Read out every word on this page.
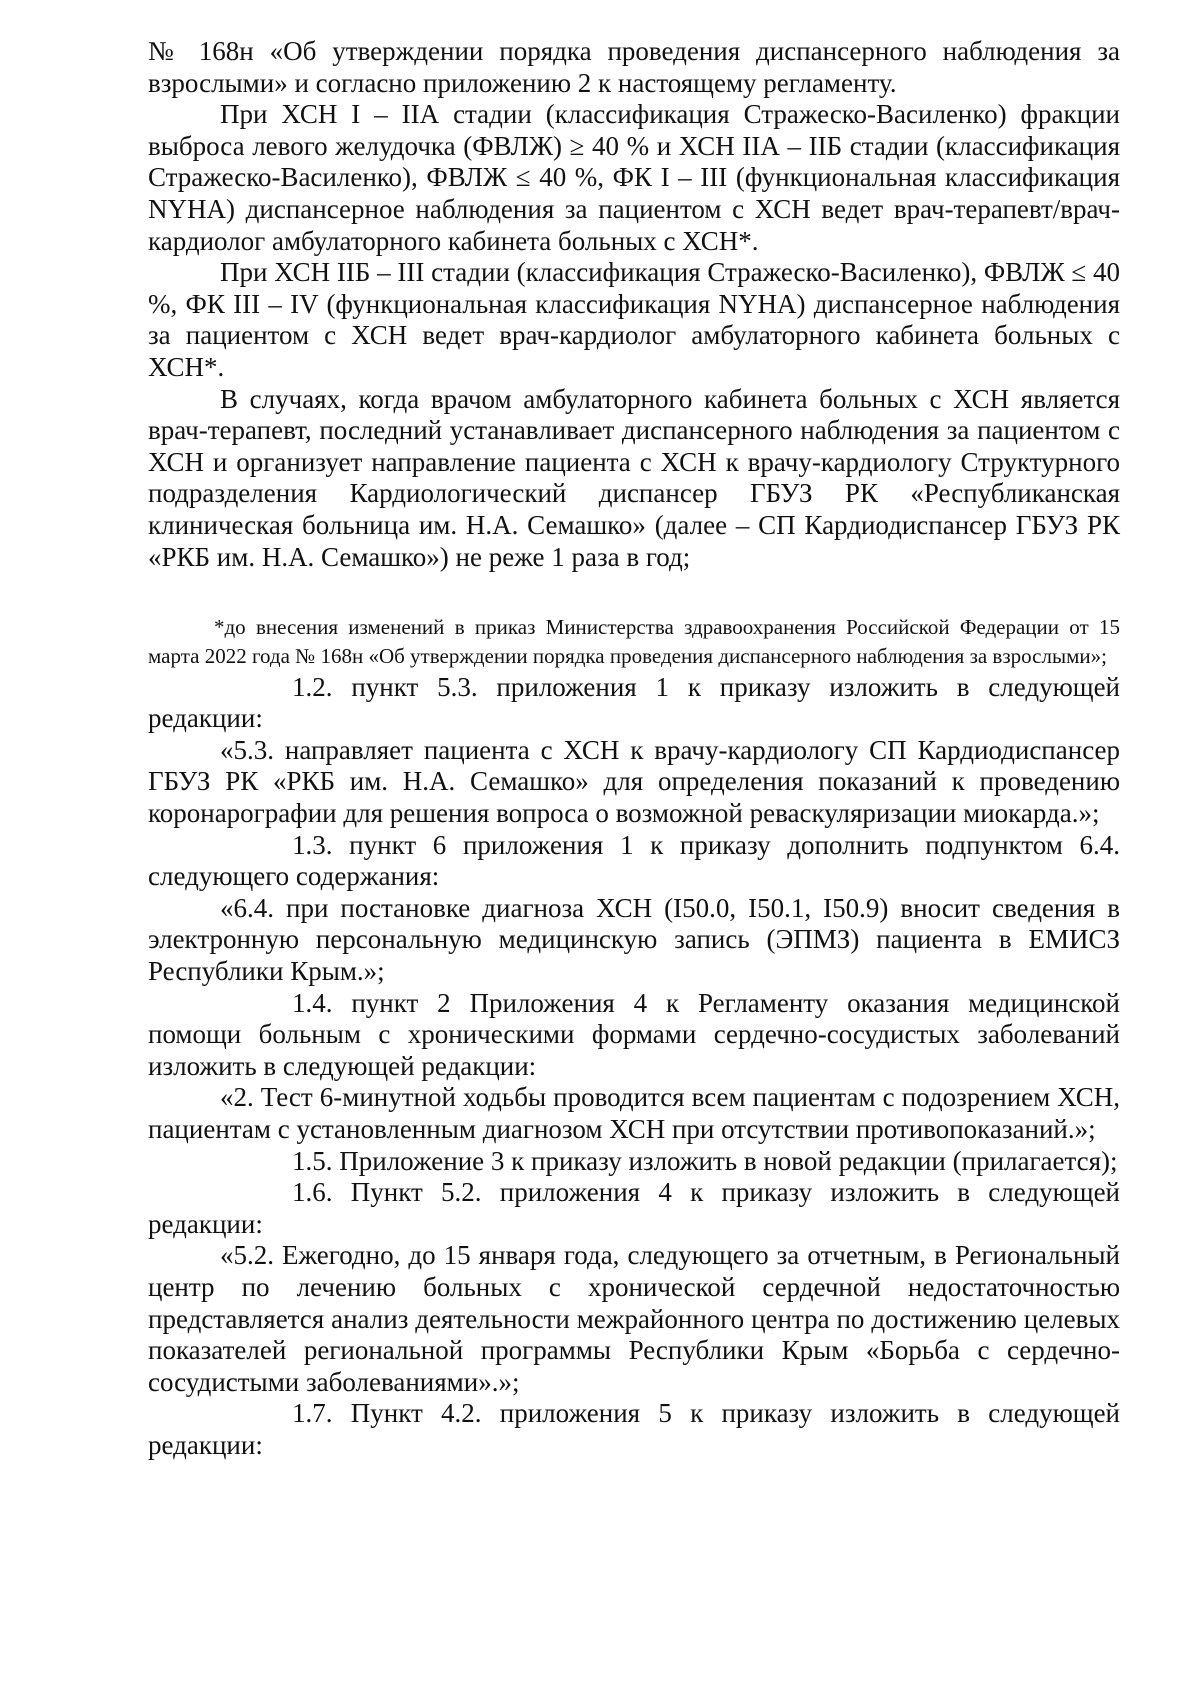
№ 168н «Об утверждении порядка проведения диспансерного наблюдения за взрослыми» и согласно приложению 2 к настоящему регламенту.

При ХСН I – IIА стадии (классификация Стражеско-Василенко) фракции выброса левого желудочка (ФВЛЖ) ≥ 40 % и ХСН IIА – IIБ стадии (классификация Стражеско-Василенко), ФВЛЖ ≤ 40 %, ФК I – III (функциональная классификация NYHA) диспансерное наблюдения за пациентом с ХСН ведет врач-терапевт/врач-кардиолог амбулаторного кабинета больных с ХСН*.

При ХСН IIБ – III стадии (классификация Стражеско-Василенко), ФВЛЖ ≤ 40 %, ФК III – IV (функциональная классификация NYHA) диспансерное наблюдения за пациентом с ХСН ведет врач-кардиолог амбулаторного кабинета больных с ХСН*.

В случаях, когда врачом амбулаторного кабинета больных с ХСН является врач-терапевт, последний устанавливает диспансерного наблюдения за пациентом с ХСН и организует направление пациента с ХСН к врачу-кардиологу Структурного подразделения Кардиологический диспансер ГБУЗ РК «Республиканская клиническая больница им. Н.А. Семашко» (далее – СП Кардиодиспансер ГБУЗ РК «РКБ им. Н.А. Семашко») не реже 1 раза в год;

*до внесения изменений в приказ Министерства здравоохранения Российской Федерации от 15 марта 2022 года № 168н «Об утверждении порядка проведения диспансерного наблюдения за взрослыми»;

1.2. пункт 5.3. приложения 1 к приказу изложить в следующей редакции:

«5.3. направляет пациента с ХСН к врачу-кардиологу СП Кардиодиспансер ГБУЗ РК «РКБ им. Н.А. Семашко» для определения показаний к проведению коронарографии для решения вопроса о возможной реваскуляризации миокарда.»;

1.3. пункт 6 приложения 1 к приказу дополнить подпунктом 6.4. следующего содержания:

«6.4. при постановке диагноза ХСН (I50.0, I50.1, I50.9) вносит сведения в электронную персональную медицинскую запись (ЭПМЗ) пациента в ЕМИСЗ Республики Крым.»;

1.4. пункт 2 Приложения 4 к Регламенту оказания медицинской помощи больным с хроническими формами сердечно-сосудистых заболеваний изложить в следующей редакции:

«2. Тест 6-минутной ходьбы проводится всем пациентам с подозрением ХСН, пациентам с установленным диагнозом ХСН при отсутствии противопоказаний.»;

1.5. Приложение 3 к приказу изложить в новой редакции (прилагается);

1.6. Пункт 5.2. приложения 4 к приказу изложить в следующей редакции:

«5.2. Ежегодно, до 15 января года, следующего за отчетным, в Региональный центр по лечению больных с хронической сердечной недостаточностью представляется анализ деятельности межрайонного центра по достижению целевых показателей региональной программы Республики Крым «Борьба с сердечно-сосудистыми заболеваниями».»;

1.7. Пункт 4.2. приложения 5 к приказу изложить в следующей редакции:
